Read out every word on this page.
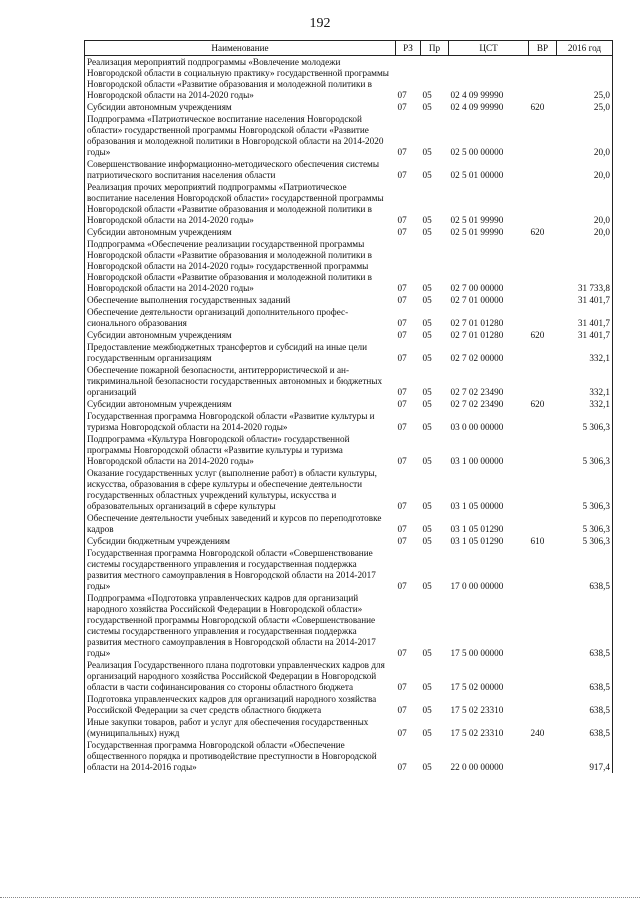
192
Наименование	РЗ	Пр	ЦСТ	ВР	2016 год
Реализация мероприятий подпрограммы «Вовлечение молодежи Новгородской области в социальную практику» государственной программы Новгородской области «Развитие образования и молодежной политики в Новгородской области на 2014-2020 годы»	07	05	02 4 09 99990		25,0
Субсидии автономным учреждениям	07	05	02 4 09 99990	620	25,0
Подпрограмма «Патриотическое воспитание населения Новгородской области» государственной программы Новгородской области «Развитие образования и молодежной политики в Новгородской области на 2014-2020 годы»	07	05	02 5 00 00000		20,0
Совершенствование информационно-методического обеспечения системы патриотического воспитания населения области	07	05	02 5 01 00000		20,0
Реализация прочих мероприятий подпрограммы «Патриотическое воспитание населения Новгородской области» государственной программы Новгородской области «Развитие образования и молодежной политики в Новгородской области на 2014-2020 годы»	07	05	02 5 01 99990		20,0
Субсидии автономным учреждениям	07	05	02 5 01 99990	620	20,0
Подпрограмма «Обеспечение реализации государственной программы Новгородской области «Развитие образования и молодежной политики в Новгородской области на 2014-2020 годы» государственной программы Новгородской области «Развитие образования и молодежной политики в Новгородской области на 2014-2020 годы»	07	05	02 7 00 00000		31 733,8
Обеспечение выполнения государственных заданий	07	05	02 7 01 00000		31 401,7
Обеспечение деятельности организаций дополнительного профессионального образования	07	05	02 7 01 01280		31 401,7
Субсидии автономным учреждениям	07	05	02 7 01 01280	620	31 401,7
Предоставление межбюджетных трансфертов и субсидий на иные цели государственным организациям	07	05	02 7 02 00000		332,1
Обеспечение пожарной безопасности, антитеррористической и антикриминальной безопасности государственных автономных и бюджетных организаций	07	05	02 7 02 23490		332,1
Субсидии автономным учреждениям	07	05	02 7 02 23490	620	332,1
Государственная программа Новгородской области «Развитие культуры и туризма Новгородской области на 2014-2020 годы»	07	05	03 0 00 00000		5 306,3
Подпрограмма «Культура Новгородской области» государственной программы Новгородской области «Развитие культуры и туризма Новгородской области на 2014-2020 годы»	07	05	03 1 00 00000		5 306,3
Оказание государственных услуг (выполнение работ) в области культуры, искусства, образования в сфере культуры и обеспечение деятельности государственных областных учреждений культуры, искусства и образовательных организаций в сфере культуры	07	05	03 1 05 00000		5 306,3
Обеспечение деятельности учебных заведений и курсов по переподготовке кадров	07	05	03 1 05 01290		5 306,3
Субсидии бюджетным учреждениям	07	05	03 1 05 01290	610	5 306,3
Государственная программа Новгородской области «Совершенствование системы государственного управления и государственная поддержка развития местного самоуправления в Новгородской области на 2014-2017 годы»	07	05	17 0 00 00000		638,5
Подпрограмма «Подготовка управленческих кадров для организаций народного хозяйства Российской Федерации в Новгородской области» государственной программы Новгородской области «Совершенствование системы государственного управления и государственная поддержка развития местного самоуправления в Новгородской области на 2014-2017 годы»	07	05	17 5 00 00000		638,5
Реализация Государственного плана подготовки управленческих кадров для организаций народного хозяйства Российской Федерации в Новгородской области в части софинансирования со стороны областного бюджета	07	05	17 5 02 00000		638,5
Подготовка управленческих кадров для организаций народного хозяйства Российской Федерации за счет средств областного бюджета	07	05	17 5 02 23310		638,5
Иные закупки товаров, работ и услуг для обеспечения государственных (муниципальных) нужд	07	05	17 5 02 23310	240	638,5
Государственная программа Новгородской области «Обеспечение общественного порядка и противодействие преступности в Новгородской области на 2014-2016 годы»	07	05	22 0 00 00000		917,4
